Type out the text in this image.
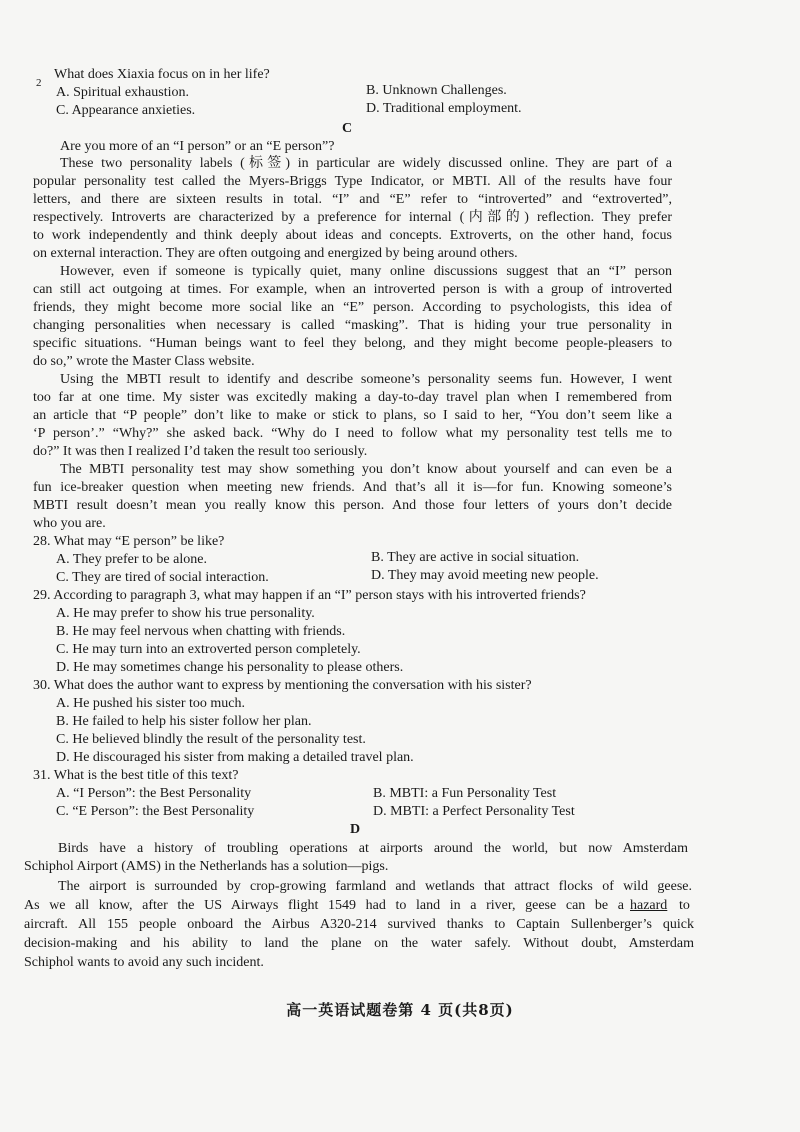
2
What does Xiaxia focus on in her life?
A. Spiritual exhaustion.	B. Unknown Challenges.
C. Appearance anxieties.	D. Traditional employment.
C
Are you more of an “I person” or an “E person”?
These two personality labels (标签) in particular are widely discussed online. They are part of a
popular personality test called the Myers-Briggs Type Indicator, or MBTI. All of the results have four
letters, and there are sixteen results in total. “I” and “E” refer to “introverted” and “extroverted”,
respectively. Introverts are characterized by a preference for internal (内部的) reflection. They prefer
to work independently and think deeply about ideas and concepts. Extroverts, on the other hand, focus
on external interaction. They are often outgoing and energized by being around others.
However, even if someone is typically quiet, many online discussions suggest that an “I” person
can still act outgoing at times. For example, when an introverted person is with a group of introverted
friends, they might become more social like an “E” person. According to psychologists, this idea of
changing personalities when necessary is called “masking”. That is hiding your true personality in
specific situations. “Human beings want to feel they belong, and they might become people-pleasers to
do so,” wrote the Master Class website.
Using the MBTI result to identify and describe someone’s personality seems fun. However, I went
too far at one time. My sister was excitedly making a day-to-day travel plan when I remembered from
an article that “P people” don’t like to make or stick to plans, so I said to her, “You don’t seem like a
‘P person’.” “Why?” she asked back. “Why do I need to follow what my personality test tells me to
do?” It was then I realized I’d taken the result too seriously.
The MBTI personality test may show something you don’t know about yourself and can even be a
fun ice-breaker question when meeting new friends. And that’s all it is—for fun. Knowing someone’s
MBTI result doesn’t mean you really know this person. And those four letters of yours don’t decide
who you are.
28. What may “E person” be like?
A. They prefer to be alone.	B. They are active in social situation.
C. They are tired of social interaction.	D. They may avoid meeting new people.
29. According to paragraph 3, what may happen if an “I” person stays with his introverted friends?
A. He may prefer to show his true personality.
B. He may feel nervous when chatting with friends.
C. He may turn into an extroverted person completely.
D. He may sometimes change his personality to please others.
30. What does the author want to express by mentioning the conversation with his sister?
A. He pushed his sister too much.
B. He failed to help his sister follow her plan.
C. He believed blindly the result of the personality test.
D. He discouraged his sister from making a detailed travel plan.
31. What is the best title of this text?
A. “I Person”: the Best Personality	B. MBTI: a Fun Personality Test
C. “E Person”: the Best Personality	D. MBTI: a Perfect Personality Test
D
Birds have a history of troubling operations at airports around the world, but now Amsterdam
Schiphol Airport (AMS) in the Netherlands has a solution—pigs.
The airport is surrounded by crop-growing farmland and wetlands that attract flocks of wild geese.
As we all know, after the US Airways flight 1549 had to land in a river, geese can be a hazard to
aircraft. All 155 people onboard the Airbus A320-214 survived thanks to Captain Sullenberger’s quick
decision-making and his ability to land the plane on the water safely. Without doubt, Amsterdam
Schiphol wants to avoid any such incident.
高一英语试题卷第 4 页(共8页)
